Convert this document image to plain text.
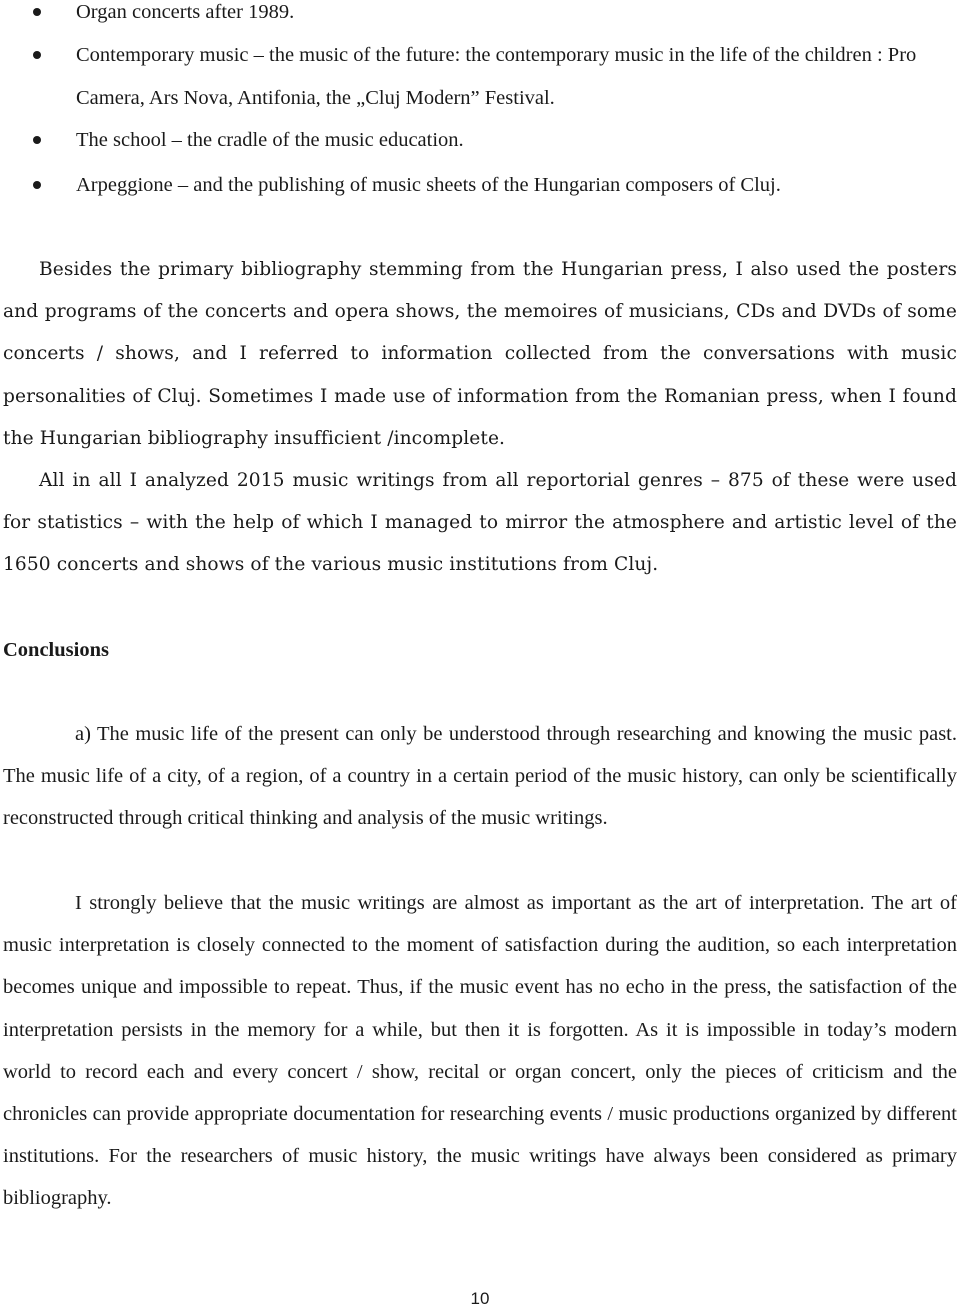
Organ concerts after 1989.
Contemporary music – the music of the future: the contemporary music in the life of the children : Pro Camera, Ars Nova, Antifonia, the „Cluj Modern” Festival.
The school – the cradle of the music education.
Arpeggione – and the publishing of music sheets of the Hungarian composers of Cluj.

Besides the primary bibliography stemming from the Hungarian press, I also used the posters and programs of the concerts and opera shows, the memoires of musicians, CDs and DVDs of some concerts / shows, and I referred to information collected from the conversations with music personalities of Cluj. Sometimes I made use of information from the Romanian press, when I found the Hungarian bibliography insufficient /incomplete.

All in all I analyzed 2015 music writings from all reportorial genres – 875 of these were used for statistics – with the help of which I managed to mirror the atmosphere and artistic level of the 1650 concerts and shows of the various music institutions from Cluj.

Conclusions

a) The music life of the present can only be understood through researching and knowing the music past. The music life of a city, of a region, of a country in a certain period of the music history, can only be scientifically reconstructed through critical thinking and analysis of the music writings.

I strongly believe that the music writings are almost as important as the art of interpretation. The art of music interpretation is closely connected to the moment of satisfaction during the audition, so each interpretation becomes unique and impossible to repeat. Thus, if the music event has no echo in the press, the satisfaction of the interpretation persists in the memory for a while, but then it is forgotten. As it is impossible in today’s modern world to record each and every concert / show, recital or organ concert, only the pieces of criticism and the chronicles can provide appropriate documentation for researching events / music productions organized by different institutions. For the researchers of music history, the music writings have always been considered as primary bibliography.

10
